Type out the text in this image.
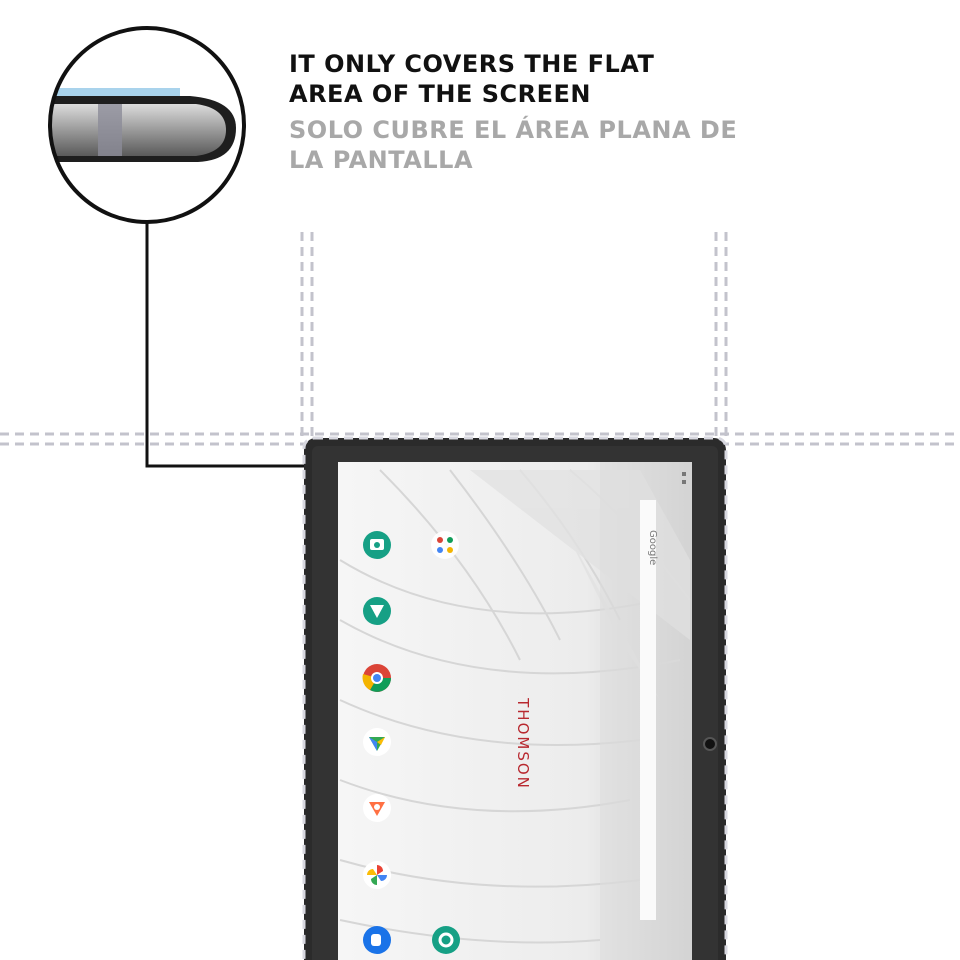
Google
IT ONLY COVERS THE FLAT
AREA OF THE SCREEN

SOLO CUBRE EL ÁREA PLANA DE
LA PANTALLA

THOMSON
